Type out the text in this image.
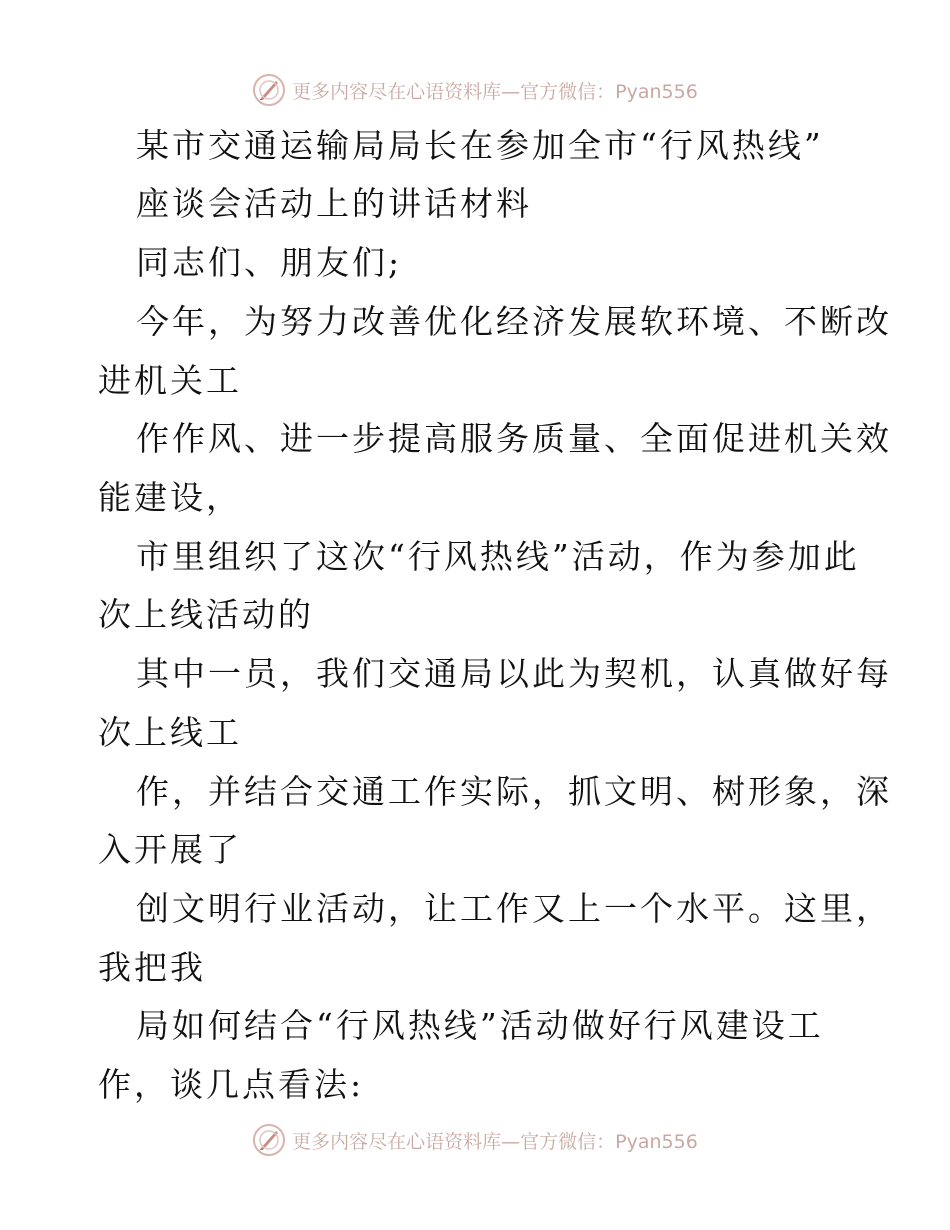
更多内容尽在心语资料库—官方微信：Pyan556
某市交通运输局局长在参加全市“行风热线”
座谈会活动上的讲话材料
同志们、朋友们;
今年，为努力改善优化经济发展软环境、不断改
进机关工
作作风、进一步提高服务质量、全面促进机关效
能建设，
市里组织了这次“行风热线”活动，作为参加此
次上线活动的
其中一员，我们交通局以此为契机，认真做好每
次上线工
作，并结合交通工作实际，抓文明、树形象，深
入开展了
创文明行业活动，让工作又上一个水平。这里，
我把我
局如何结合“行风热线”活动做好行风建设工
作，谈几点看法:
更多内容尽在心语资料库—官方微信：Pyan556
